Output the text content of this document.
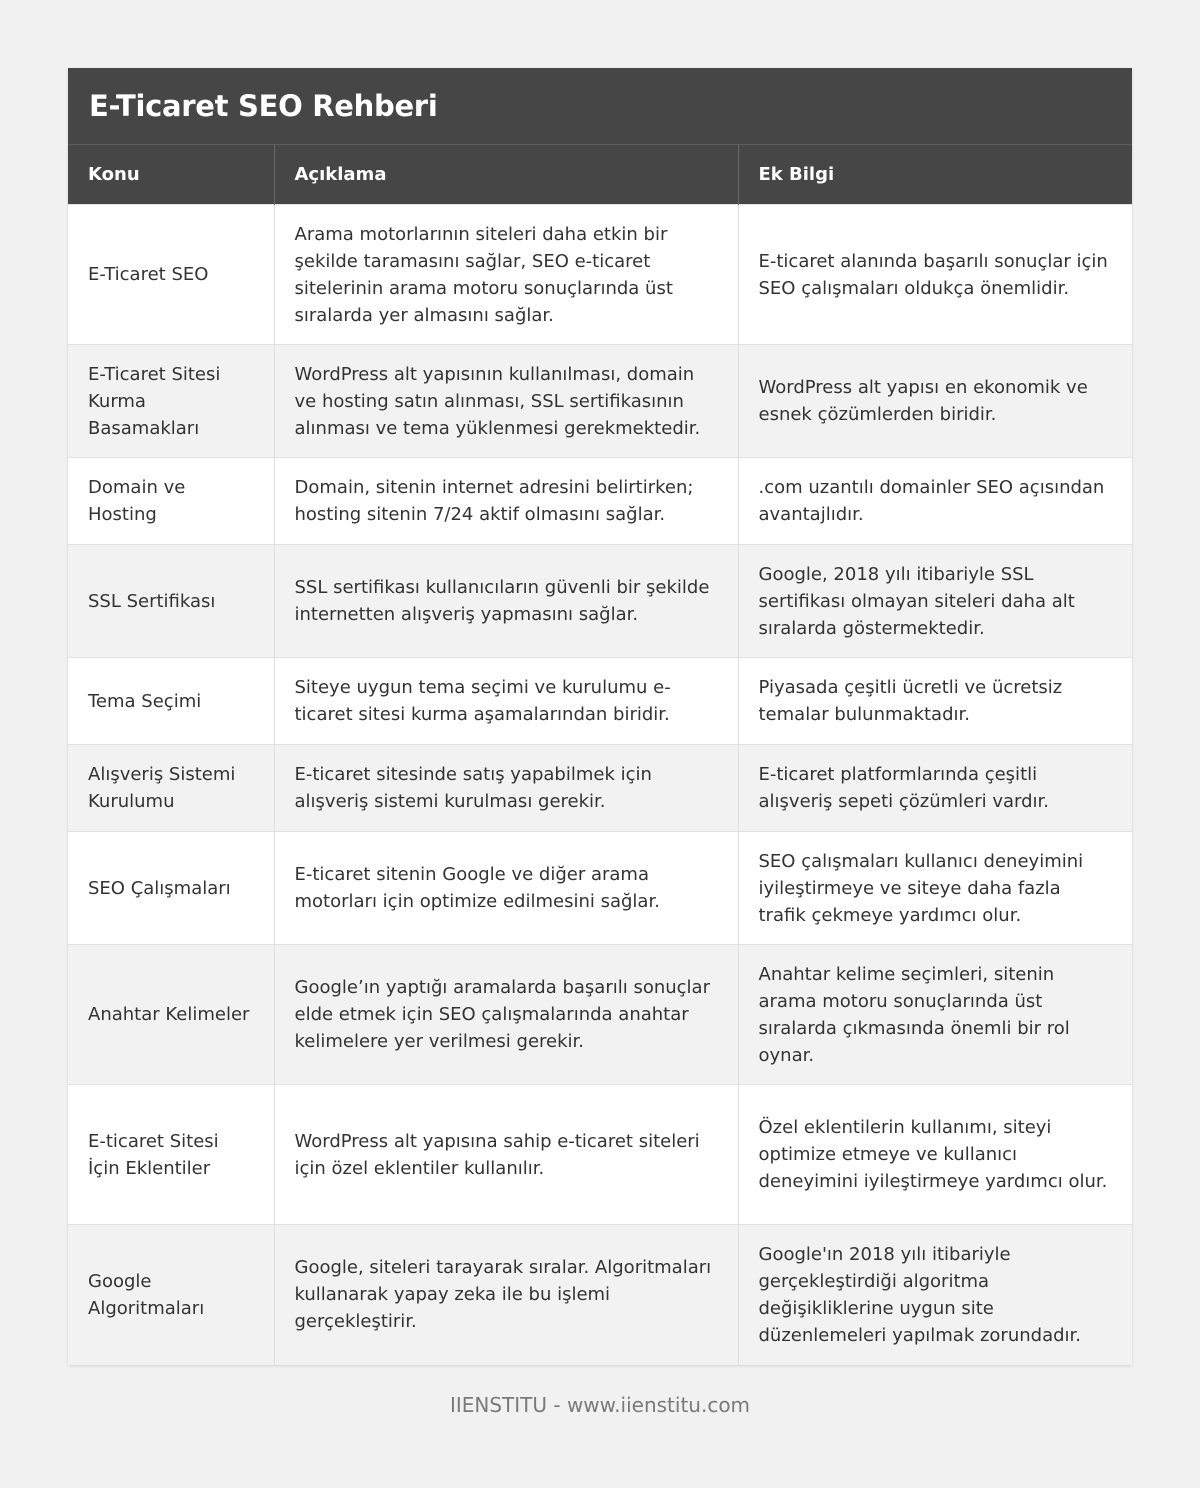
E-Ticaret SEO Rehberi
Konu	Açıklama	Ek Bilgi
E-Ticaret SEO	Arama motorlarının siteleri daha etkin bir şekilde taramasını sağlar, SEO e-ticaret sitelerinin arama motoru sonuçlarında üst sıralarda yer almasını sağlar.	E-ticaret alanında başarılı sonuçlar için SEO çalışmaları oldukça önemlidir.
E-Ticaret Sitesi Kurma Basamakları	WordPress alt yapısının kullanılması, domain ve hosting satın alınması, SSL sertifikasının alınması ve tema yüklenmesi gerekmektedir.	WordPress alt yapısı en ekonomik ve esnek çözümlerden biridir.
Domain ve Hosting	Domain, sitenin internet adresini belirtirken; hosting sitenin 7/24 aktif olmasını sağlar.	.com uzantılı domainler SEO açısından avantajlıdır.
SSL Sertifikası	SSL sertifikası kullanıcıların güvenli bir şekilde internetten alışveriş yapmasını sağlar.	Google, 2018 yılı itibariyle SSL sertifikası olmayan siteleri daha alt sıralarda göstermektedir.
Tema Seçimi	Siteye uygun tema seçimi ve kurulumu e-ticaret sitesi kurma aşamalarından biridir.	Piyasada çeşitli ücretli ve ücretsiz temalar bulunmaktadır.
Alışveriş Sistemi Kurulumu	E-ticaret sitesinde satış yapabilmek için alışveriş sistemi kurulması gerekir.	E-ticaret platformlarında çeşitli alışveriş sepeti çözümleri vardır.
SEO Çalışmaları	E-ticaret sitenin Google ve diğer arama motorları için optimize edilmesini sağlar.	SEO çalışmaları kullanıcı deneyimini iyileştirmeye ve siteye daha fazla trafik çekmeye yardımcı olur.
Anahtar Kelimeler	Google’ın yaptığı aramalarda başarılı sonuçlar elde etmek için SEO çalışmalarında anahtar kelimelere yer verilmesi gerekir.	Anahtar kelime seçimleri, sitenin arama motoru sonuçlarında üst sıralarda çıkmasında önemli bir rol oynar.
E-ticaret Sitesi İçin Eklentiler	WordPress alt yapısına sahip e-ticaret siteleri için özel eklentiler kullanılır.	Özel eklentilerin kullanımı, siteyi optimize etmeye ve kullanıcı deneyimini iyileştirmeye yardımcı olur.
Google Algoritmaları	Google, siteleri tarayarak sıralar. Algoritmaları kullanarak yapay zeka ile bu işlemi gerçekleştirir.	Google'ın 2018 yılı itibariyle gerçekleştirdiği algoritma değişikliklerine uygun site düzenlemeleri yapılmak zorundadır.
IIENSTITU - www.iienstitu.com
